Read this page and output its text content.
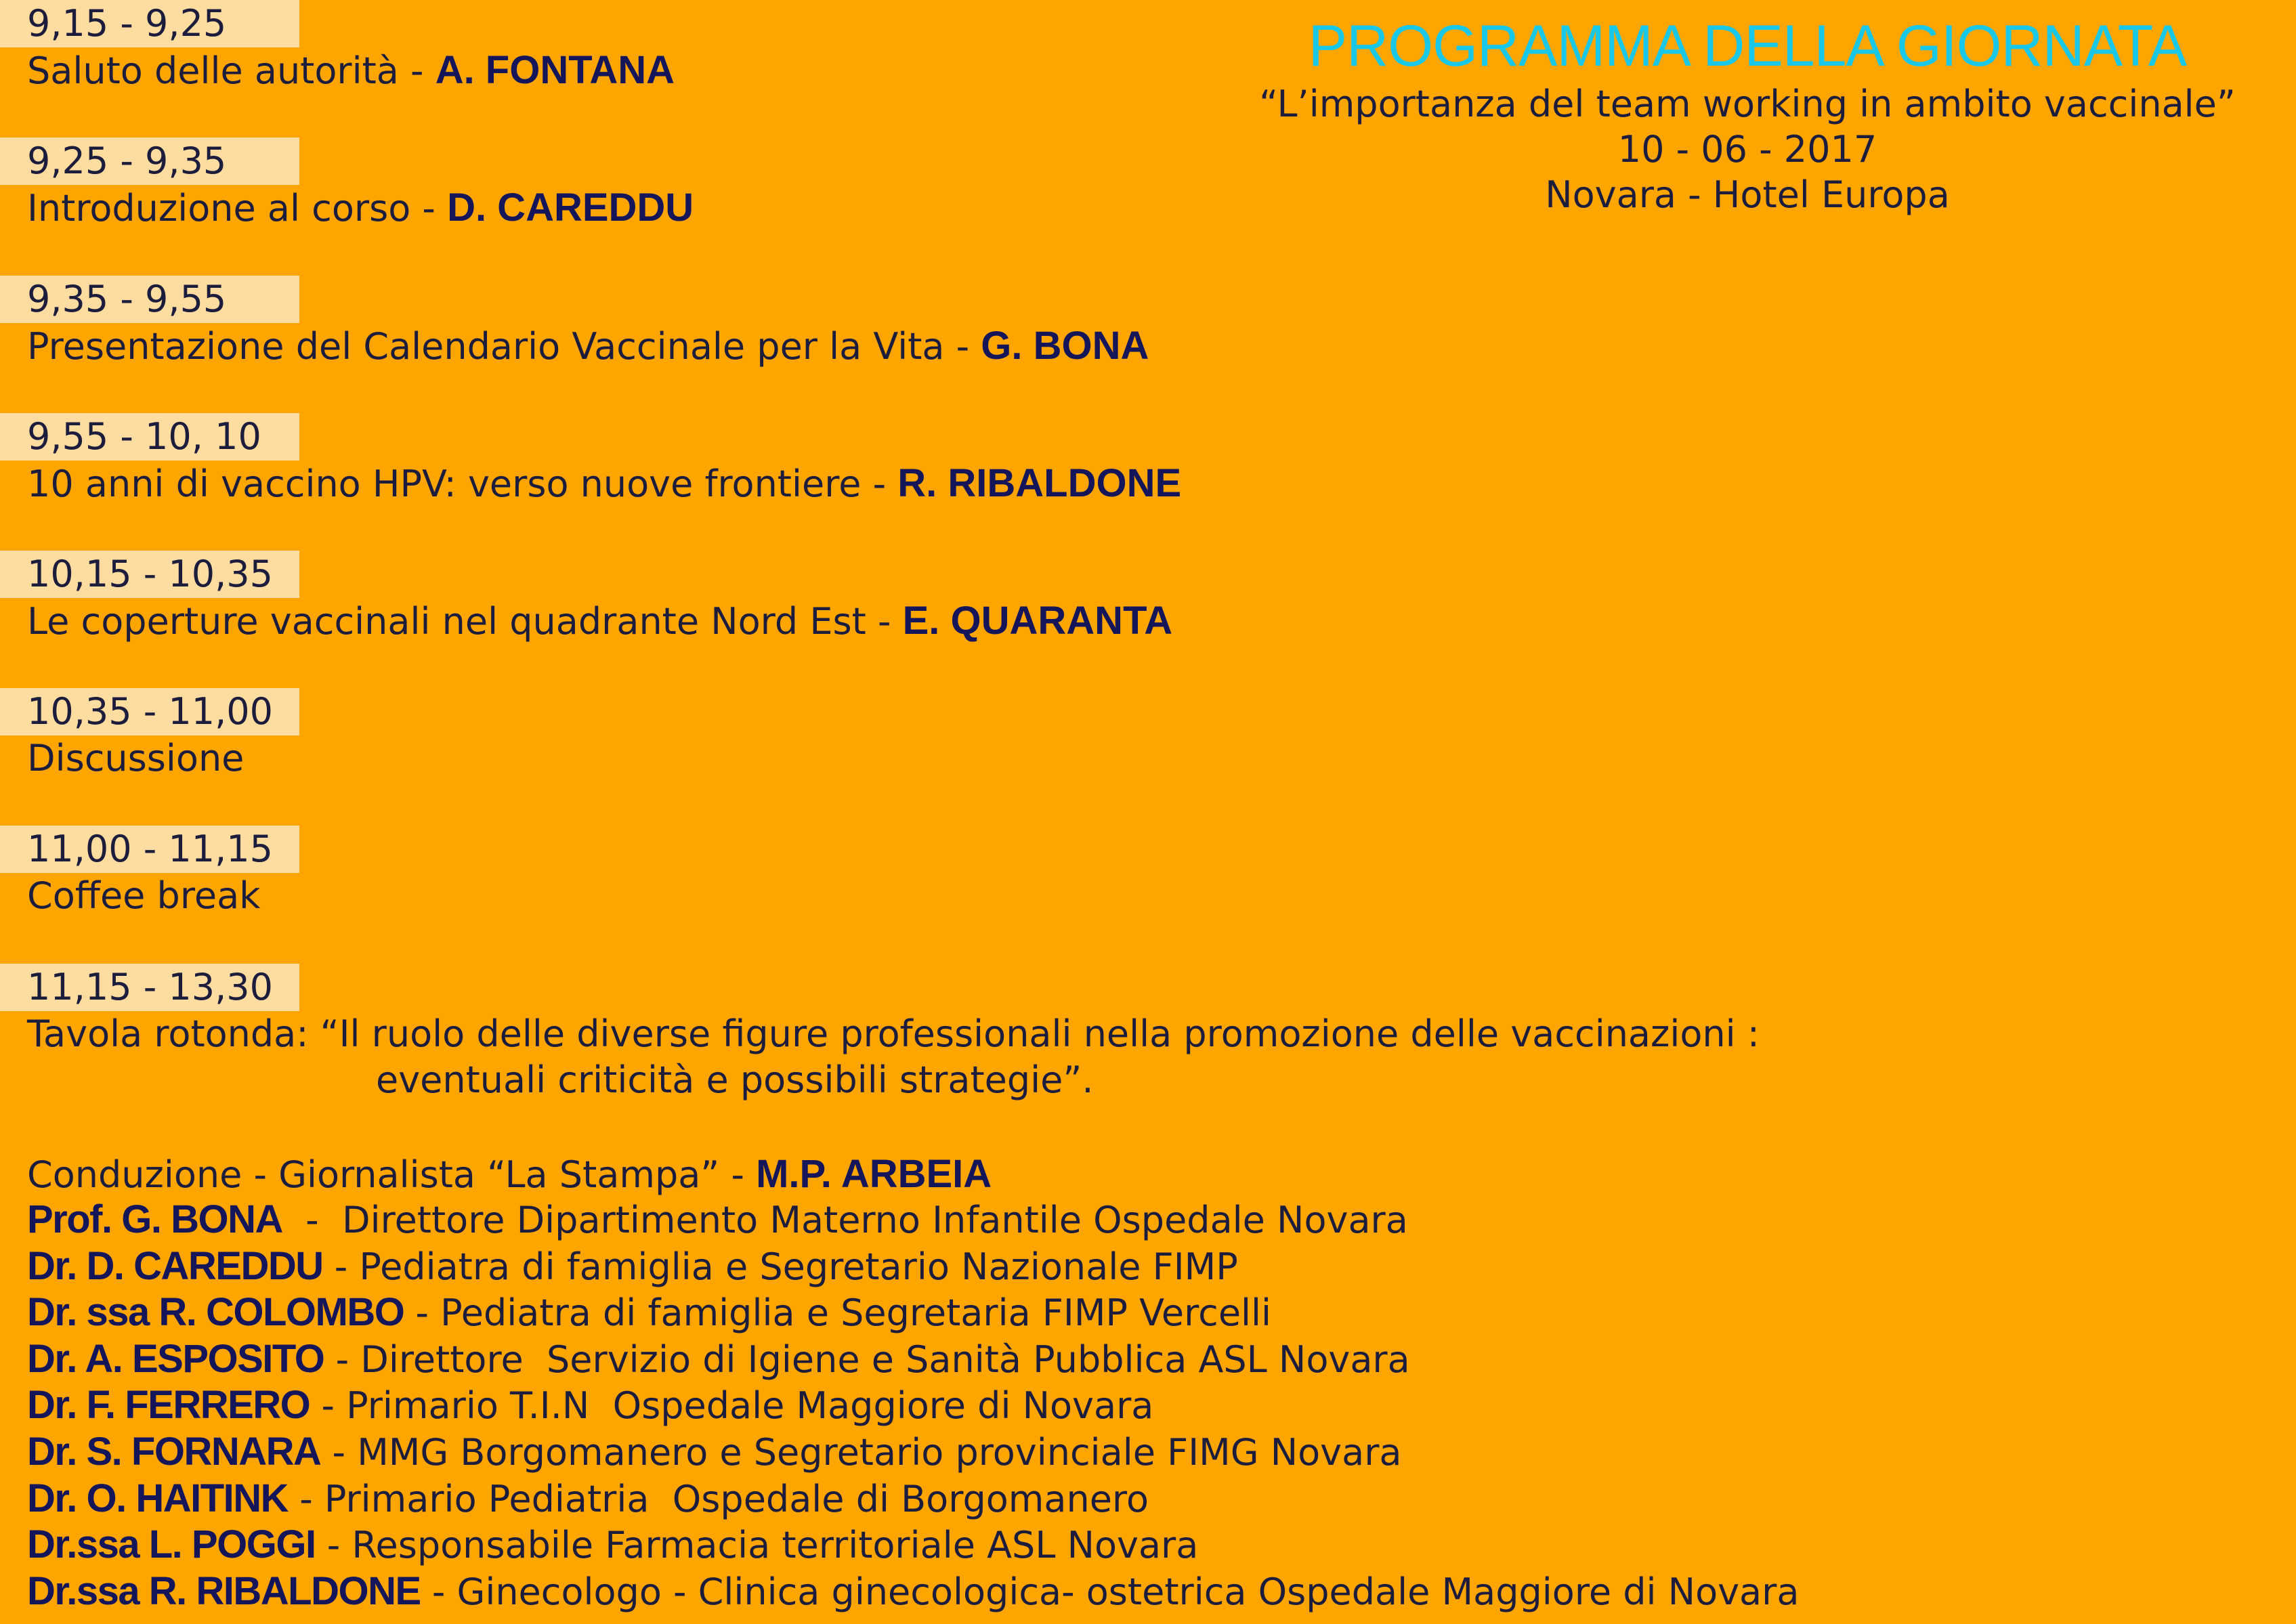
PROGRAMMA DELLA GIORNATA
“L’importanza del team working in ambito vaccinale”
10 - 06 - 2017
Novara - Hotel Europa
9,15 - 9,25
Saluto delle autorità - A. FONTANA
9,25 - 9,35
Introduzione al corso - D. CAREDDU
9,35 - 9,55
Presentazione del Calendario Vaccinale per la Vita - G. BONA
9,55 - 10, 10
10 anni di vaccino HPV: verso nuove frontiere - R. RIBALDONE
10,15 - 10,35
Le coperture vaccinali nel quadrante Nord Est - E. QUARANTA
10,35 - 11,00
Discussione
11,00 - 11,15
Coffee break
11,15 - 13,30
Tavola rotonda: “Il ruolo delle diverse figure professionali nella promozione delle vaccinazioni :
eventuali criticità e possibili strategie”.
Conduzione - Giornalista “La Stampa” - M.P. ARBEIA
Prof. G. BONA  -  Direttore Dipartimento Materno Infantile Ospedale Novara
Dr. D. CAREDDU - Pediatra di famiglia e Segretario Nazionale FIMP
Dr. ssa R. COLOMBO - Pediatra di famiglia e Segretaria FIMP Vercelli
Dr. A. ESPOSITO - Direttore  Servizio di Igiene e Sanità Pubblica ASL Novara
Dr. F. FERRERO - Primario T.I.N  Ospedale Maggiore di Novara
Dr. S. FORNARA - MMG Borgomanero e Segretario provinciale FIMG Novara
Dr. O. HAITINK - Primario Pediatria  Ospedale di Borgomanero
Dr.ssa L. POGGI - Responsabile Farmacia territoriale ASL Novara
Dr.ssa R. RIBALDONE - Ginecologo - Clinica ginecologica- ostetrica Ospedale Maggiore di Novara
